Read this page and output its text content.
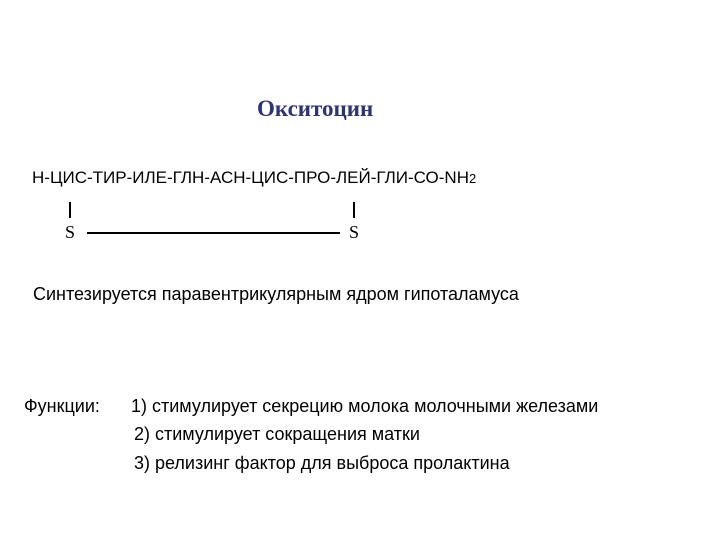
Окситоцин
Н-ЦИС-ТИР-ИЛЕ-ГЛН-АСН-ЦИС-ПРО-ЛЕЙ-ГЛИ-СО-NH2
S	S
Синтезируется паравентрикулярным ядром гипоталамуса
Функции: 1) стимулирует секрецию молока молочными железами
2) стимулирует сокращения матки
3) релизинг фактор для выброса пролактина
